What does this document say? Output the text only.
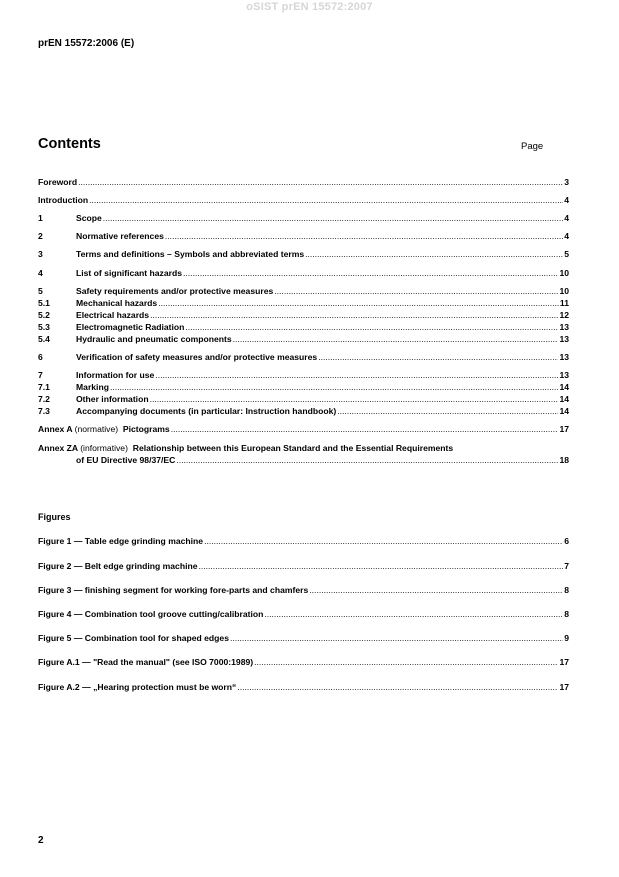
oSIST prEN 15572:2007
prEN 15572:2006 (E)
Contents	Page
Foreword .....	3
Introduction .....	4
1	Scope .....	4
2	Normative references .....	4
3	Terms and definitions – Symbols and abbreviated terms .....	5
4	List of significant hazards .....	10
5	Safety requirements and/or protective measures .....	10
5.1	Mechanical hazards .....	11
5.2	Electrical hazards .....	12
5.3	Electromagnetic Radiation .....	13
5.4	Hydraulic and pneumatic components .....	13
6	Verification of safety measures and/or protective measures .....	13
7	Information for use .....	13
7.1	Marking .....	14
7.2	Other information .....	14
7.3	Accompanying documents (in particular: Instruction handbook) .....	14
Annex A (normative) Pictograms .....	17
Annex ZA (informative) Relationship between this European Standard and the Essential Requirements
of EU Directive 98/37/EC .....	18
Figure 1 — Table edge grinding machine .....	6
Figure 2 — Belt edge grinding machine .....	7
Figure 3 — finishing segment for working fore-parts and chamfers .....	8
Figure 4 — Combination tool groove cutting/calibration .....	8
Figure 5 — Combination tool for shaped edges .....	9
Figure A.1 — "Read the manual" (see ISO 7000:1989) .....	17
Figure A.2 — „Hearing protection must be worn“ .....	17
Figures
2
